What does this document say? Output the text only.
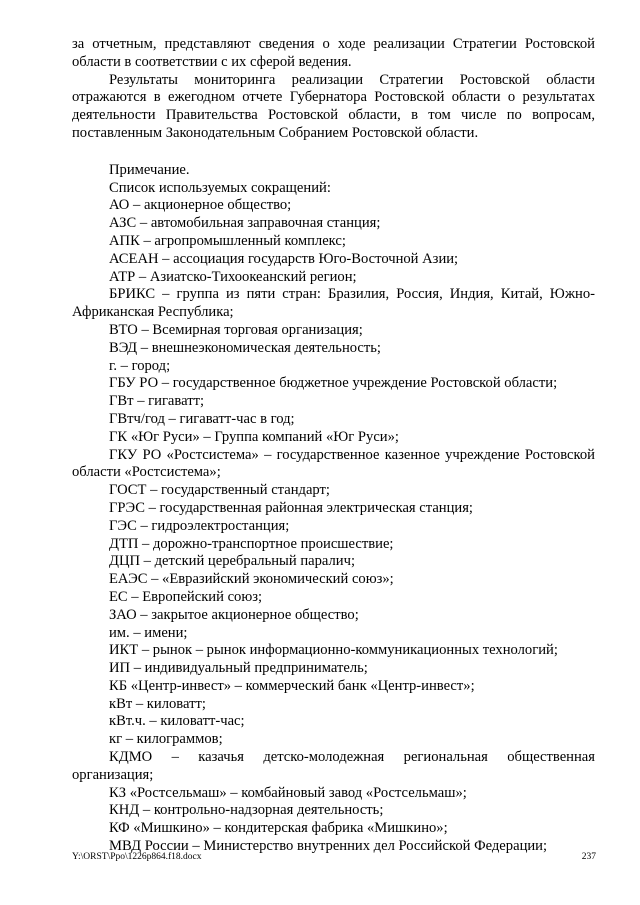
за отчетным, представляют сведения о ходе реализации Стратегии Ростовской области в соответствии с их сферой ведения.

Результаты мониторинга реализации Стратегии Ростовской области отражаются в ежегодном отчете Губернатора Ростовской области о результатах деятельности Правительства Ростовской области, в том числе по вопросам, поставленным Законодательным Собранием Ростовской области.

Примечание.

Список используемых сокращений:

АО – акционерное общество;

АЗС – автомобильная заправочная станция;

АПК – агропромышленный комплекс;

АСЕАН – ассоциация государств Юго-Восточной Азии;

АТР – Азиатско-Тихоокеанский регион;

БРИКС – группа из пяти стран: Бразилия, Россия, Индия, Китай, Южно-Африканская Республика;

ВТО – Всемирная торговая организация;

ВЭД – внешнеэкономическая деятельность;

г. – город;

ГБУ РО – государственное бюджетное учреждение Ростовской области;

ГВт – гигаватт;

ГВтч/год – гигаватт-час в год;

ГК «Юг Руси» – Группа компаний «Юг Руси»;

ГКУ РО «Ростсистема» – государственное казенное учреждение Ростовской области «Ростсистема»;

ГОСТ – государственный стандарт;

ГРЭС – государственная районная электрическая станция;

ГЭС – гидроэлектростанция;

ДТП – дорожно-транспортное происшествие;

ДЦП – детский церебральный паралич;

ЕАЭС – «Евразийский экономический союз»;

ЕС – Европейский союз;

ЗАО – закрытое акционерное общество;

им. – имени;

ИКТ – рынок – рынок информационно-коммуникационных технологий;

ИП – индивидуальный предприниматель;

КБ «Центр-инвест» – коммерческий банк «Центр-инвест»;

кВт – киловатт;

кВт.ч. – киловатт-час;

кг – килограммов;

КДМО – казачья детско-молодежная региональная общественная организация;

КЗ «Ростсельмаш» – комбайновый завод «Ростсельмаш»;

КНД – контрольно-надзорная деятельность;

КФ «Мишкино» – кондитерская фабрика «Мишкино»;

МВД России – Министерство внутренних дел Российской Федерации;

Y:\ORST\Ppo\1226p864.f18.docx	237
